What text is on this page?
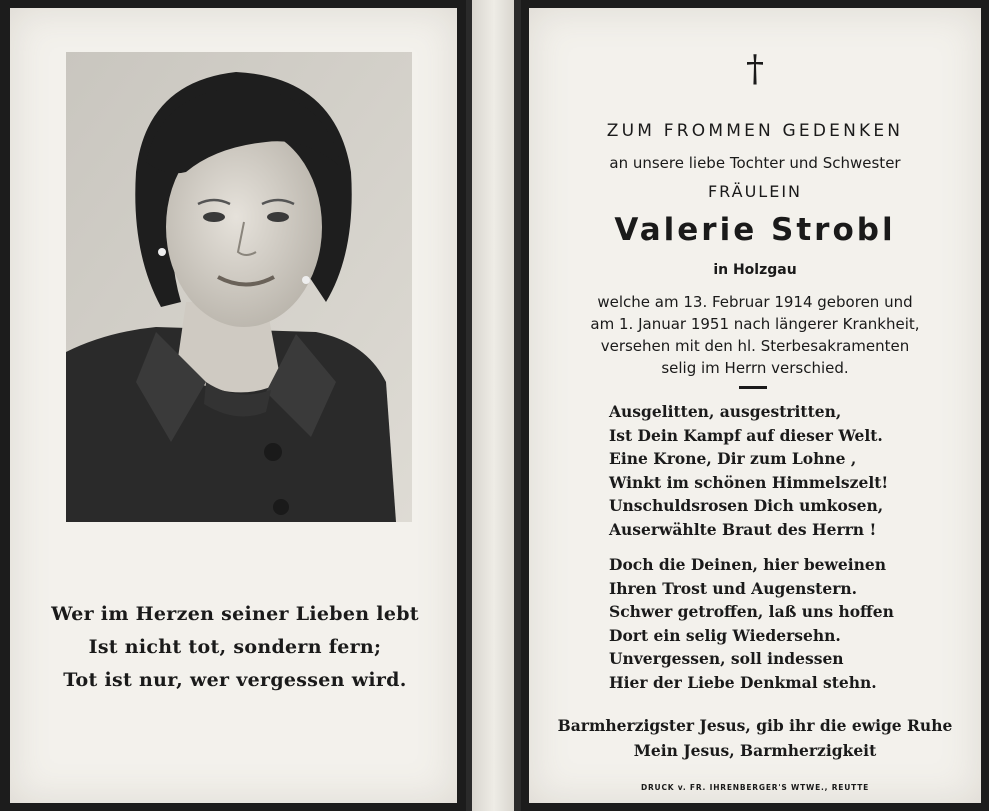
Wer im Herzen seiner Lieben lebt
Ist nicht tot, sondern fern;
Tot ist nur, wer vergessen wird.
†
ZUM FROMMEN GEDENKEN
an unsere liebe Tochter und Schwester
FRÄULEIN
Valerie Strobl
in Holzgau
welche am 13. Februar 1914 geboren und
am 1. Januar 1951 nach längerer Krankheit,
versehen mit den hl. Sterbesakramenten
selig im Herrn verschied.
Ausgelitten, ausgestritten,
Ist Dein Kampf auf dieser Welt.
Eine Krone, Dir zum Lohne ,
Winkt im schönen Himmelszelt!
Unschuldsrosen Dich umkosen,
Auserwählte Braut des Herrn !
Doch die Deinen, hier beweinen
Ihren Trost und Augenstern.
Schwer getroffen, laß uns hoffen
Dort ein selig Wiedersehn.
Unvergessen, soll indessen
Hier der Liebe Denkmal stehn.
Barmherzigster Jesus, gib ihr die ewige Ruhe
Mein Jesus, Barmherzigkeit
DRUCK v. FR. IHRENBERGER'S WTWE., REUTTE
